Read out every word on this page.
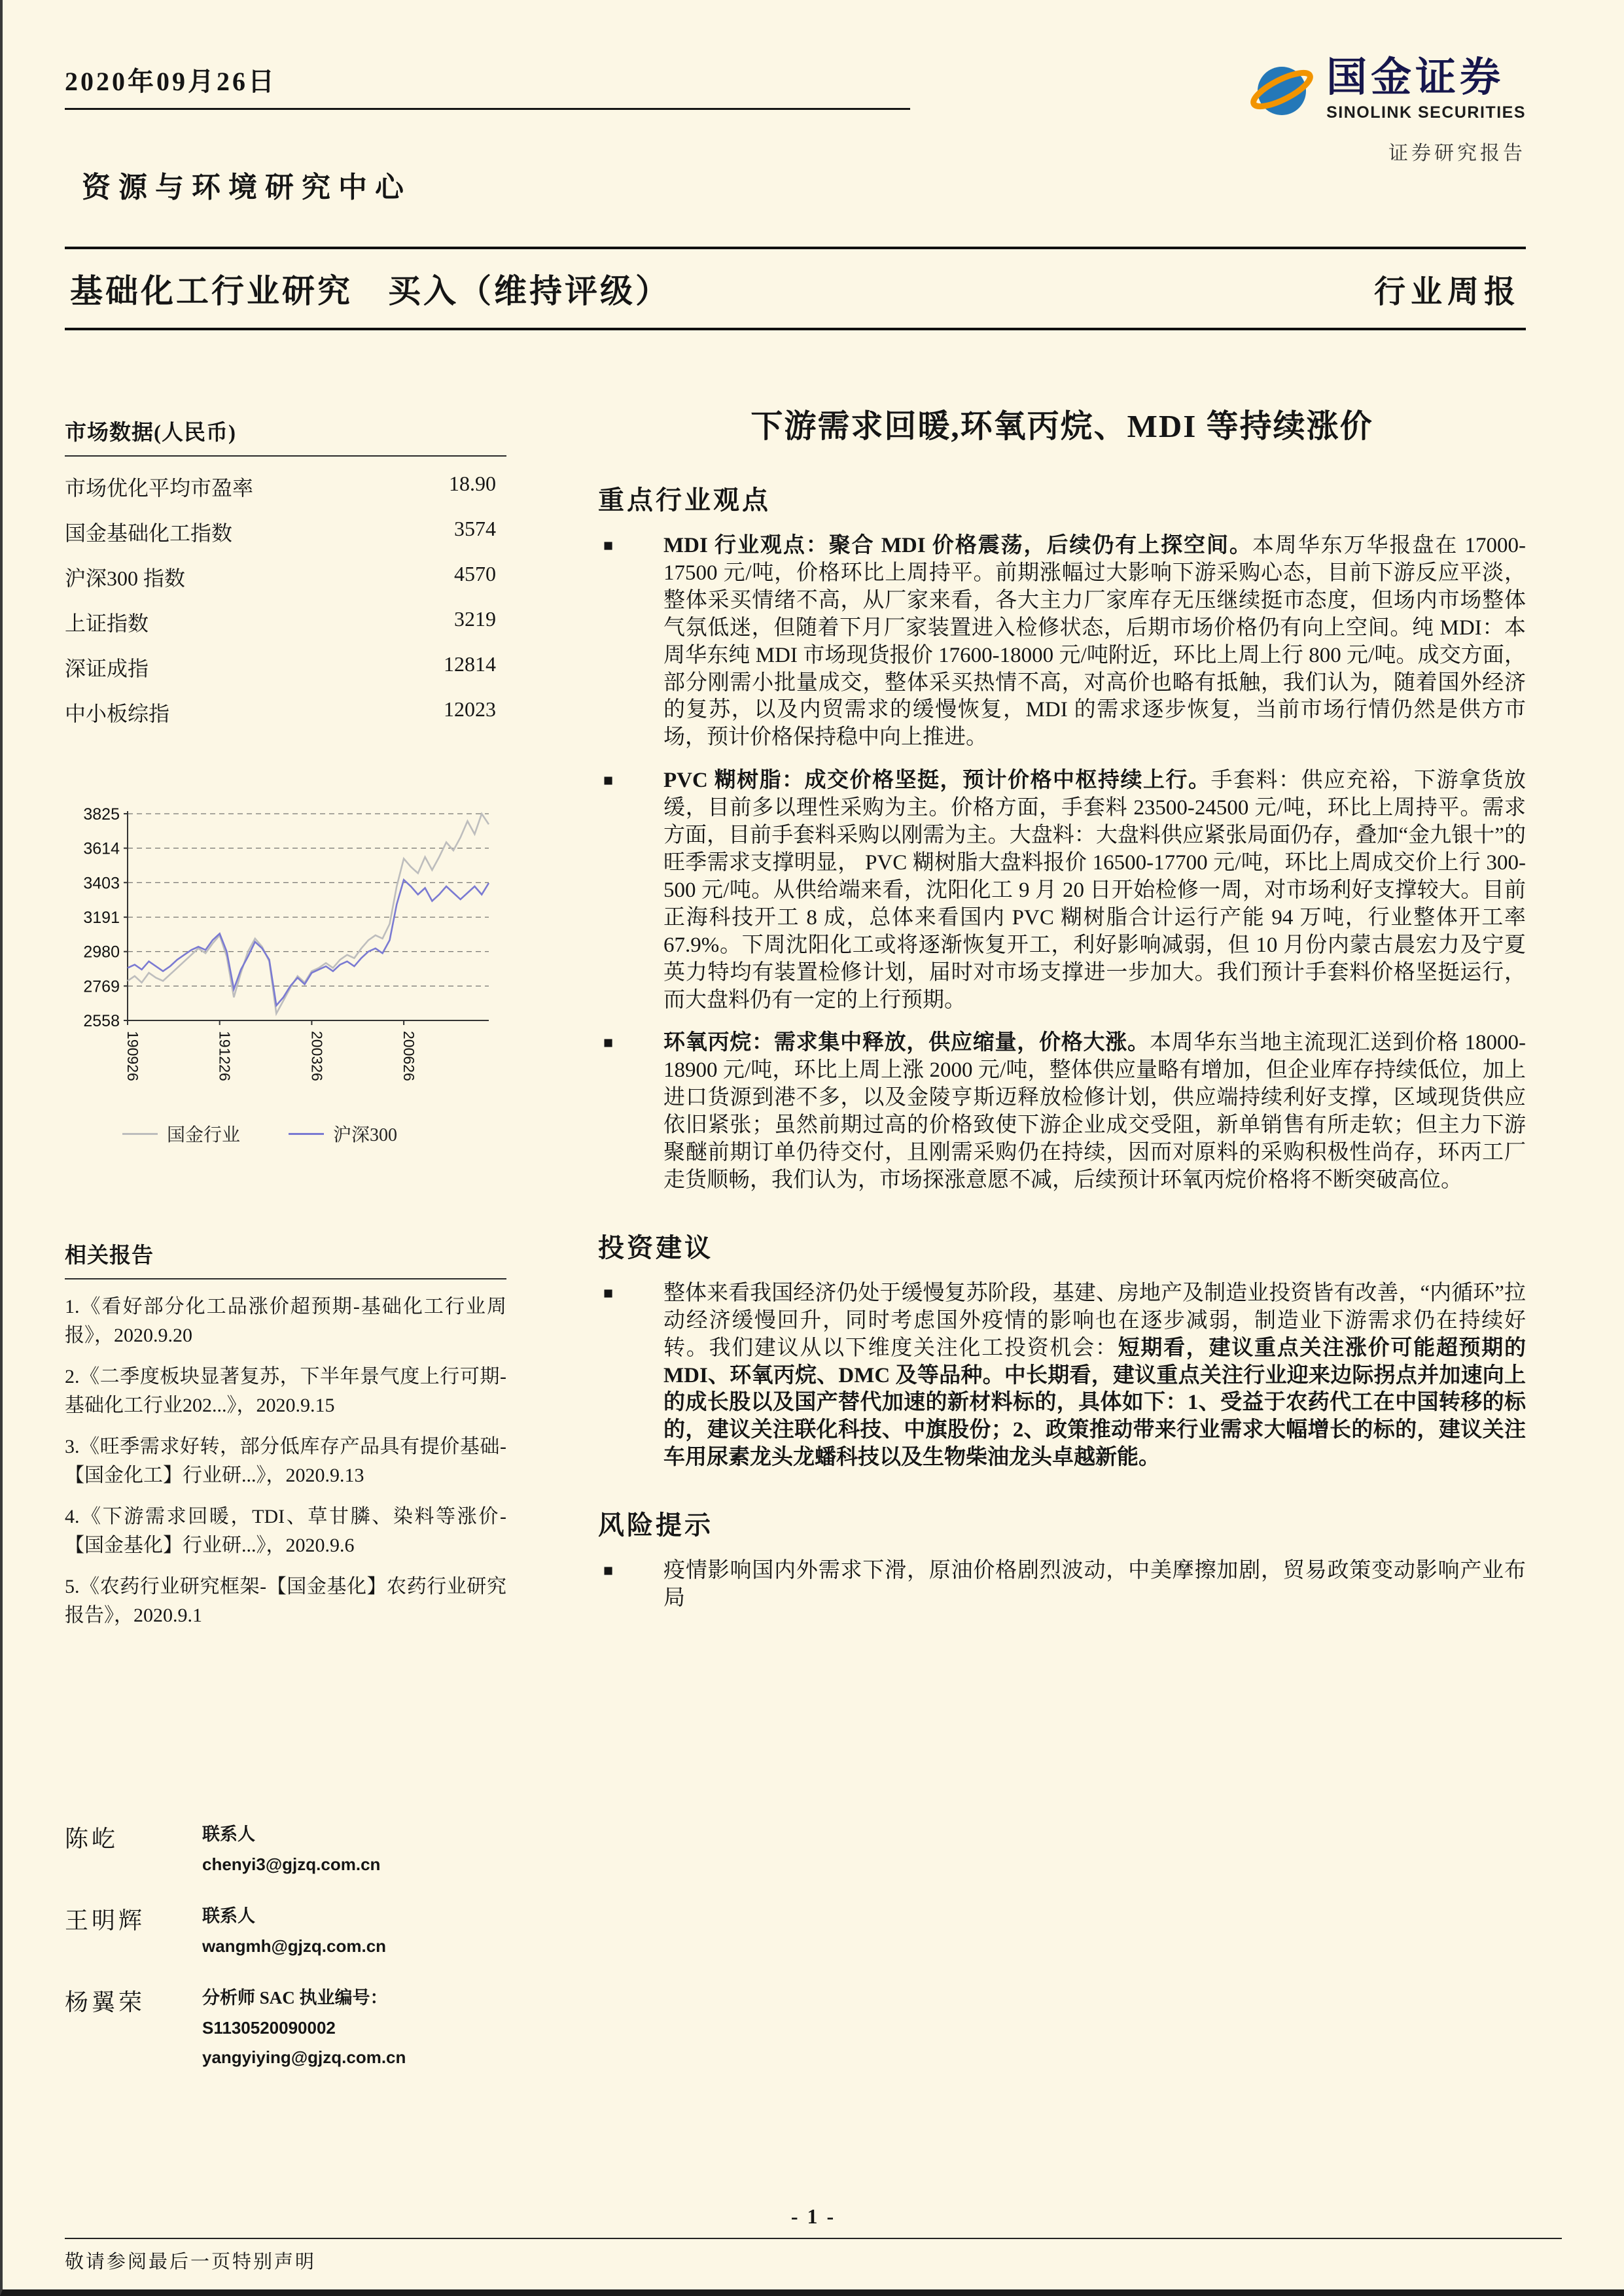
2020年09月26日
资源与环境研究中心
国金证券
SINOLINK SECURITIES
证券研究报告
基础化工行业研究　买入（维持评级）	行业周报
市场数据(人民币)
市场优化平均市盈率	18.90
国金基础化工指数	3574
沪深300 指数	4570
上证指数	3219
深证成指	12814
中小板综指	12023
2558
2769
2980
3191
3403
3614
3825
190926	191226	200326	200626
国金行业	沪深300
相关报告
1.《看好部分化工品涨价超预期-基础化工行业周报》，2020.9.20
2.《二季度板块显著复苏，下半年景气度上行可期-基础化工行业202...》，2020.9.15
3.《旺季需求好转，部分低库存产品具有提价基础-【国金化工】行业研...》，2020.9.13
4.《下游需求回暖，TDI、草甘膦、染料等涨价-【国金基化】行业研...》，2020.9.6
5.《农药行业研究框架-【国金基化】农药行业研究报告》，2020.9.1
陈屹	联系人
chenyi3@gjzq.com.cn
王明辉	联系人
wangmh@gjzq.com.cn
杨翼荣	分析师 SAC 执业编号：
S1130520090002
yangyiying@gjzq.com.cn
下游需求回暖,环氧丙烷、MDI 等持续涨价
重点行业观点
■	MDI 行业观点：聚合 MDI 价格震荡，后续仍有上探空间。本周华东万华报盘在 17000-17500 元/吨，价格环比上周持平。前期涨幅过大影响下游采购心态，目前下游反应平淡，整体采买情绪不高，从厂家来看，各大主力厂家库存无压继续挺市态度，但场内市场整体气氛低迷，但随着下月厂家装置进入检修状态，后期市场价格仍有向上空间。纯 MDI：本周华东纯 MDI 市场现货报价 17600-18000 元/吨附近，环比上周上行 800 元/吨。成交方面，部分刚需小批量成交，整体采买热情不高，对高价也略有抵触，我们认为，随着国外经济的复苏，以及内贸需求的缓慢恢复，MDI 的需求逐步恢复，当前市场行情仍然是供方市场，预计价格保持稳中向上推进。

■	PVC 糊树脂：成交价格坚挺，预计价格中枢持续上行。手套料：供应充裕，下游拿货放缓，目前多以理性采购为主。价格方面，手套料 23500-24500 元/吨，环比上周持平。需求方面，目前手套料采购以刚需为主。大盘料：大盘料供应紧张局面仍存，叠加“金九银十”的旺季需求支撑明显， PVC 糊树脂大盘料报价 16500-17700 元/吨，环比上周成交价上行 300-500 元/吨。从供给端来看，沈阳化工 9 月 20 日开始检修一周，对市场利好支撑较大。目前正海科技开工 8 成，总体来看国内 PVC 糊树脂合计运行产能 94 万吨，行业整体开工率 67.9%。下周沈阳化工或将逐渐恢复开工，利好影响减弱，但 10 月份内蒙古晨宏力及宁夏英力特均有装置检修计划，届时对市场支撑进一步加大。我们预计手套料价格坚挺运行，而大盘料仍有一定的上行预期。

■	环氧丙烷：需求集中释放，供应缩量，价格大涨。本周华东当地主流现汇送到价格 18000-18900 元/吨，环比上周上涨 2000 元/吨，整体供应量略有增加，但企业库存持续低位，加上进口货源到港不多，以及金陵亨斯迈释放检修计划，供应端持续利好支撑，区域现货供应依旧紧张；虽然前期过高的价格致使下游企业成交受阻，新单销售有所走软；但主力下游聚醚前期订单仍待交付，且刚需采购仍在持续，因而对原料的采购积极性尚存，环丙工厂走货顺畅，我们认为，市场探涨意愿不减，后续预计环氧丙烷价格将不断突破高位。

投资建议
■	整体来看我国经济仍处于缓慢复苏阶段，基建、房地产及制造业投资皆有改善，“内循环”拉动经济缓慢回升，同时考虑国外疫情的影响也在逐步减弱，制造业下游需求仍在持续好转。我们建议从以下维度关注化工投资机会：短期看，建议重点关注涨价可能超预期的 MDI、环氧丙烷、DMC 及等品种。中长期看，建议重点关注行业迎来边际拐点并加速向上的成长股以及国产替代加速的新材料标的，具体如下：1、受益于农药代工在中国转移的标的，建议关注联化科技、中旗股份；2、政策推动带来行业需求大幅增长的标的，建议关注车用尿素龙头龙蟠科技以及生物柴油龙头卓越新能。

风险提示
■	疫情影响国内外需求下滑，原油价格剧烈波动，中美摩擦加剧，贸易政策变动影响产业布局

- 1 -
敬请参阅最后一页特别声明
